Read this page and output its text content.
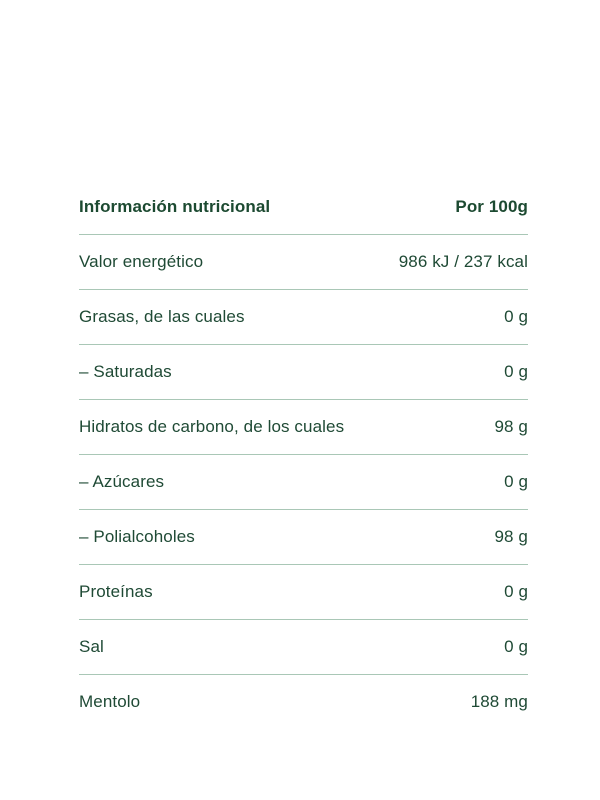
Información nutricional	Por 100g
Valor energético	986 kJ / 237 kcal
Grasas, de las cuales	0 g
– Saturadas	0 g
Hidratos de carbono, de los cuales	98 g
– Azúcares	0 g
– Polialcoholes	98 g
Proteínas	0 g
Sal	0 g
Mentolo	188 mg
